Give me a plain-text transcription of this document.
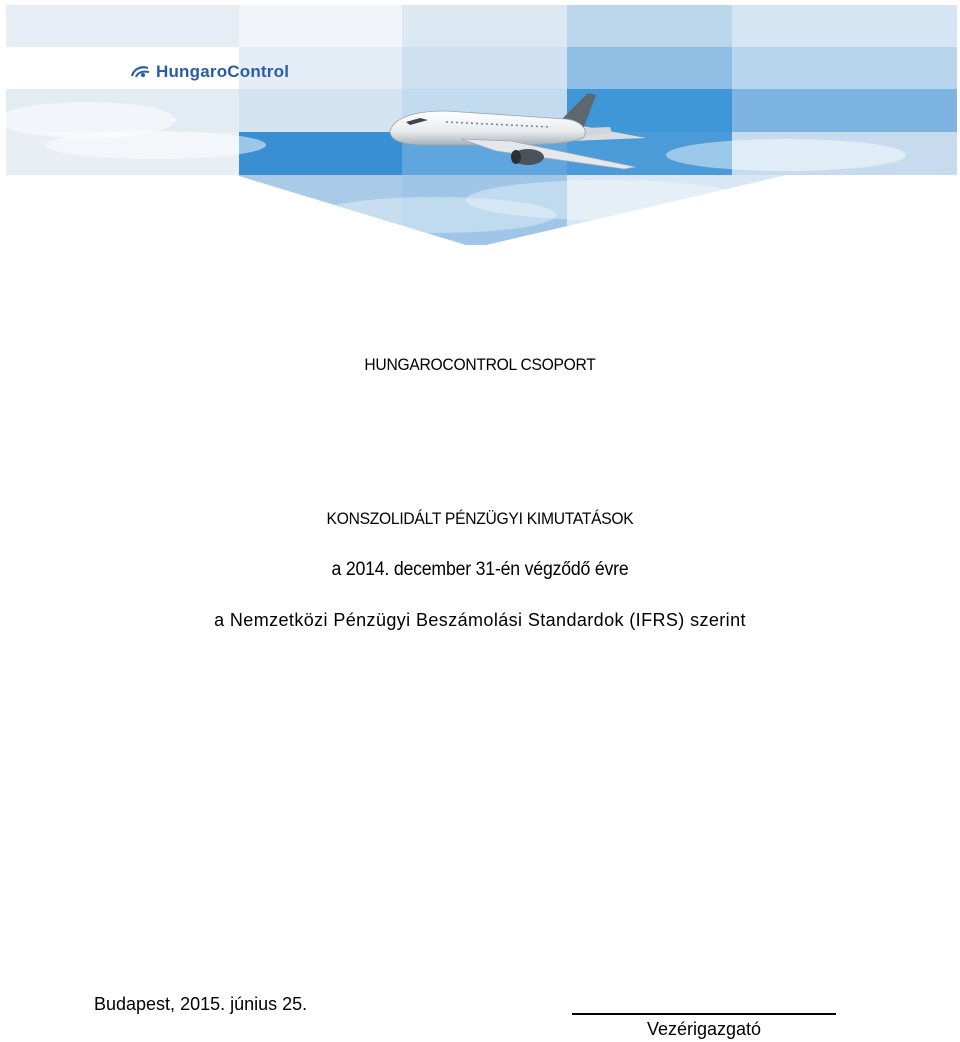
HungaroControl
HUNGAROCONTROL CSOPORT
KONSZOLIDÁLT PÉNZÜGYI KIMUTATÁSOK
a 2014. december 31-én végződő évre
a Nemzetközi Pénzügyi Beszámolási Standardok (IFRS) szerint
Budapest, 2015. június 25.
Vezérigazgató
